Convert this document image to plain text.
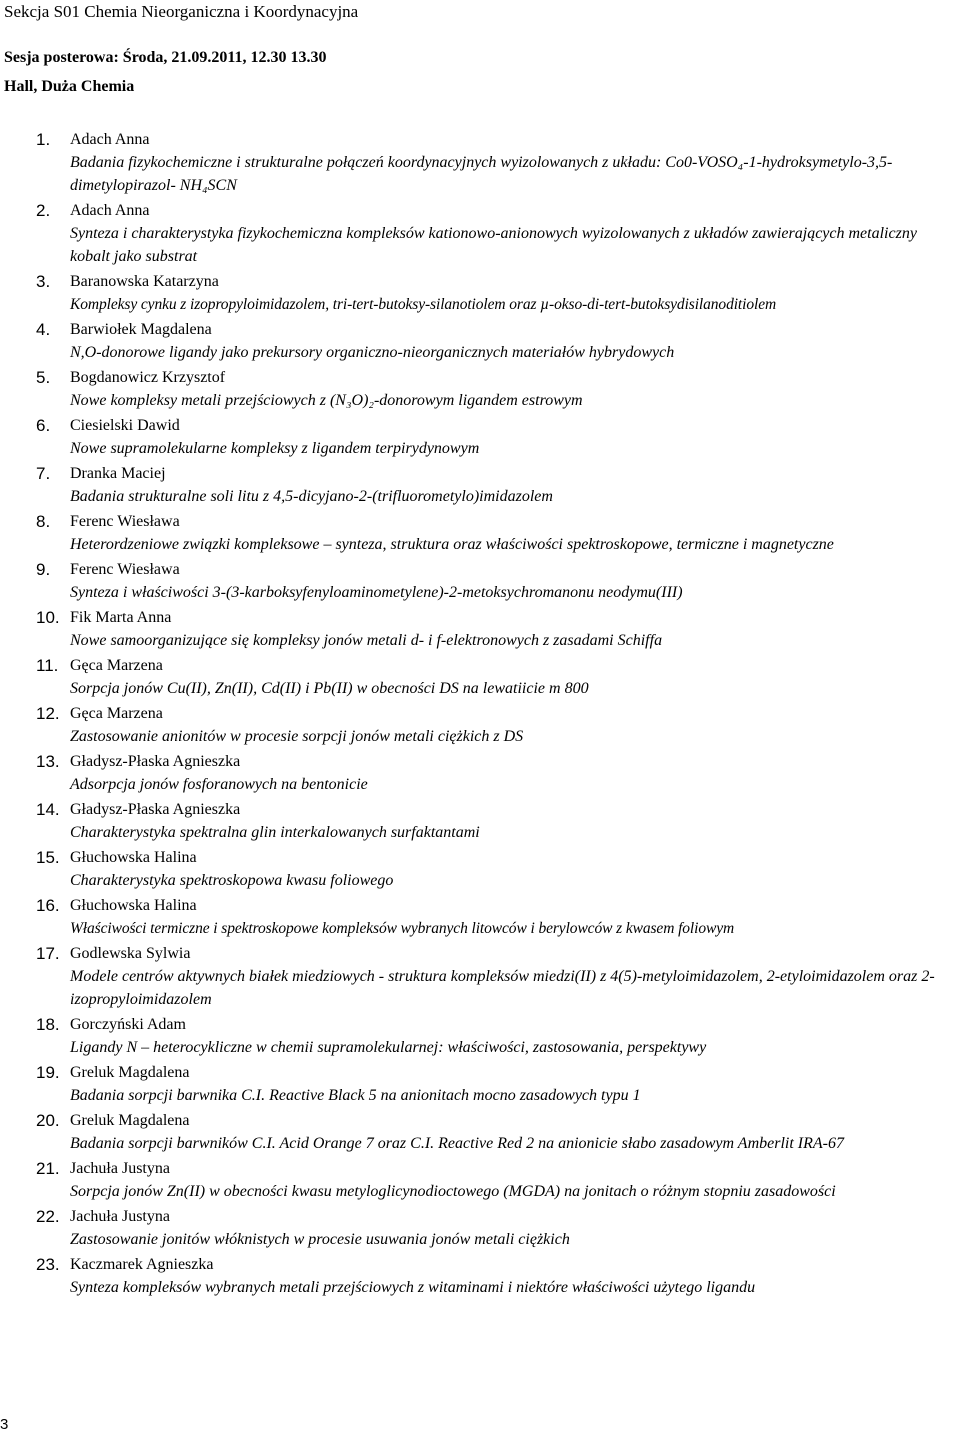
Sekcja S01 Chemia Nieorganiczna i Koordynacyjna
Sesja posterowa: Środa, 21.09.2011, 12.30 13.30
Hall, Duża Chemia
1. Adach Anna
Badania fizykochemiczne i strukturalne połączeń koordynacyjnych wyizolowanych z układu: Co0-VOSO₄-1-hydroksymetylo-3,5-dimetylopirazol- NH₄SCN
2. Adach Anna
Synteza i charakterystyka fizykochemiczna kompleksów kationowo-anionowych wyizolowanych z układów zawierających metaliczny kobalt jako substrat
3. Baranowska Katarzyna
Kompleksy cynku z izopropyloimidazolem, tri-tert-butoksy-silanotiolem oraz µ-okso-di-tert-butoksydisilanoditiolem
4. Barwiołek Magdalena
N,O-donorowe ligandy jako prekursory organiczno-nieorganicznych materiałów hybrydowych
5. Bogdanowicz Krzysztof
Nowe kompleksy metali przejściowych z (N₃O)₂-donorowym ligandem estrowym
6. Ciesielski Dawid
Nowe supramolekularne kompleksy z ligandem terpirydynowym
7. Dranka Maciej
Badania strukturalne soli litu z 4,5-dicyjano-2-(trifluorometylo)imidazolem
8. Ferenc Wiesława
Heterordzeniowe związki kompleksowe – synteza, struktura oraz właściwości spektroskopowe, termiczne i magnetyczne
9. Ferenc Wiesława
Synteza i właściwości 3-(3-karboksyfenyloaminometylene)-2-metoksychromanonu neodymu(III)
10. Fik Marta Anna
Nowe samoorganizujące się kompleksy jonów metali d- i f-elektronowych z zasadami Schiffa
11. Gęca Marzena
Sorpcja jonów Cu(II), Zn(II), Cd(II) i Pb(II) w obecności DS na lewatiicie m 800
12. Gęca Marzena
Zastosowanie anionitów w procesie sorpcji jonów metali ciężkich z DS
13. Gładysz-Płaska Agnieszka
Adsorpcja jonów fosforanowych na bentonicie
14. Gładysz-Płaska Agnieszka
Charakterystyka spektralna glin interkalowanych surfaktantami
15. Głuchowska Halina
Charakterystyka spektroskopowa kwasu foliowego
16. Głuchowska Halina
Właściwości termiczne i spektroskopowe kompleksów wybranych litowców i berylowców z kwasem foliowym
17. Godlewska Sylwia
Modele centrów aktywnych białek miedziowych - struktura kompleksów miedzi(II) z 4(5)-metyloimidazolem, 2-etyloimidazolem oraz 2-izopropyloimidazolem
18. Gorczyński Adam
Ligandy N – heterocykliczne w chemii supramolekularnej: właściwości, zastosowania, perspektywy
19. Greluk Magdalena
Badania sorpcji barwnika C.I. Reactive Black 5 na anionitach mocno zasadowych typu 1
20. Greluk Magdalena
Badania sorpcji barwników C.I. Acid Orange 7 oraz C.I. Reactive Red 2 na anionicie słabo zasadowym Amberlit IRA-67
21. Jachuła Justyna
Sorpcja jonów Zn(II) w obecności kwasu metyloglicynodioctowego (MGDA) na jonitach o różnym stopniu zasadowości
22. Jachuła Justyna
Zastosowanie jonitów włóknistych w procesie usuwania jonów metali ciężkich
23. Kaczmarek Agnieszka
Synteza kompleksów wybranych metali przejściowych z witaminami i niektóre właściwości użytego ligandu
3
